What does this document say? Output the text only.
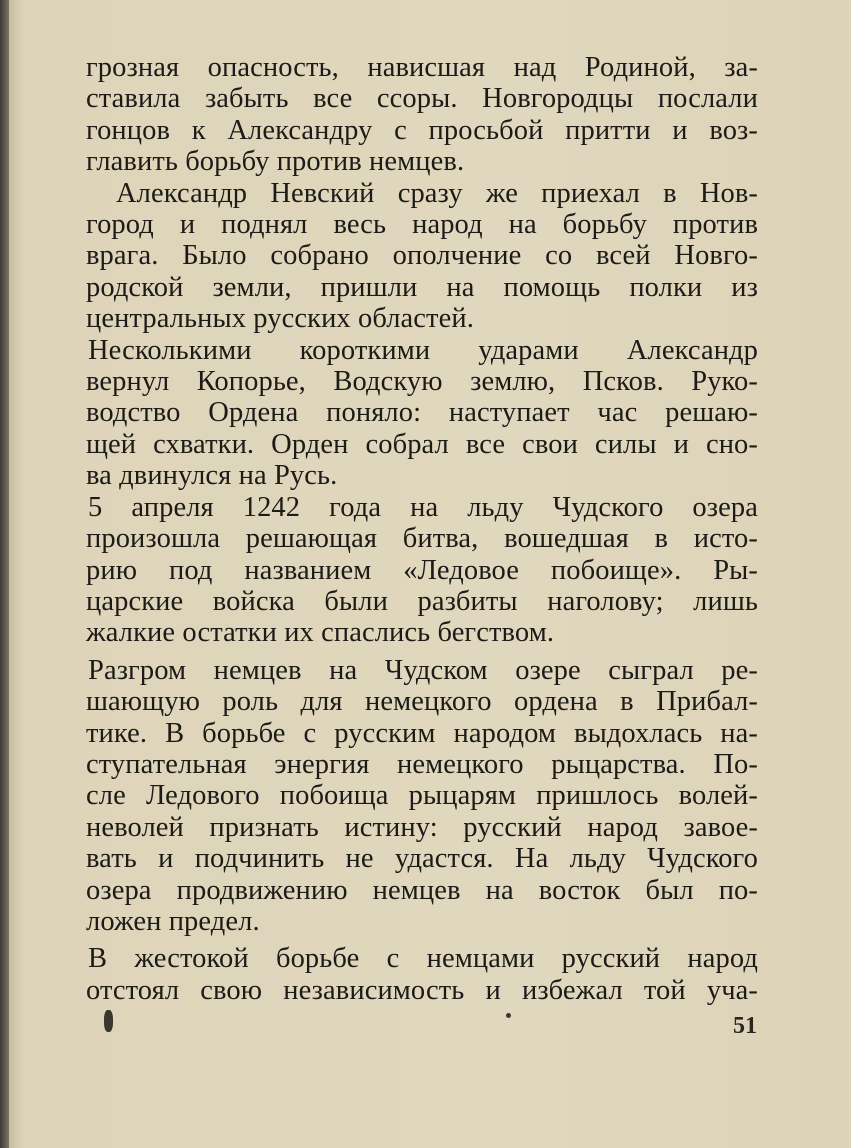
грозная опасность, нависшая над Родиной, за-
ставила забыть все ссоры. Новгородцы послали
гонцов к Александру с просьбой притти и воз-
главить борьбу против немцев.
Александр Невский сразу же приехал в Нов-
город и поднял весь народ на борьбу против
врага. Было собрано ополчение со всей Новго-
родской земли, пришли на помощь полки из
центральных русских областей.
Несколькими короткими ударами Александр
вернул Копорье, Водскую землю, Псков. Руко-
водство Ордена поняло: наступает час решаю-
щей схватки. Орден собрал все свои силы и сно-
ва двинулся на Русь.
5 апреля 1242 года на льду Чудского озера
произошла решающая битва, вошедшая в исто-
рию под названием «Ледовое побоище». Ры-
царские войска были разбиты наголову; лишь
жалкие остатки их спаслись бегством.
Разгром немцев на Чудском озере сыграл ре-
шающую роль для немецкого ордена в Прибал-
тике. В борьбе с русским народом выдохлась на-
ступательная энергия немецкого рыцарства. По-
сле Ледового побоища рыцарям пришлось волей-
неволей признать истину: русский народ завое-
вать и подчинить не удастся. На льду Чудского
озера продвижению немцев на восток был по-
ложен предел.
В жестокой борьбе с немцами русский народ
отстоял свою независимость и избежал той уча-
51
